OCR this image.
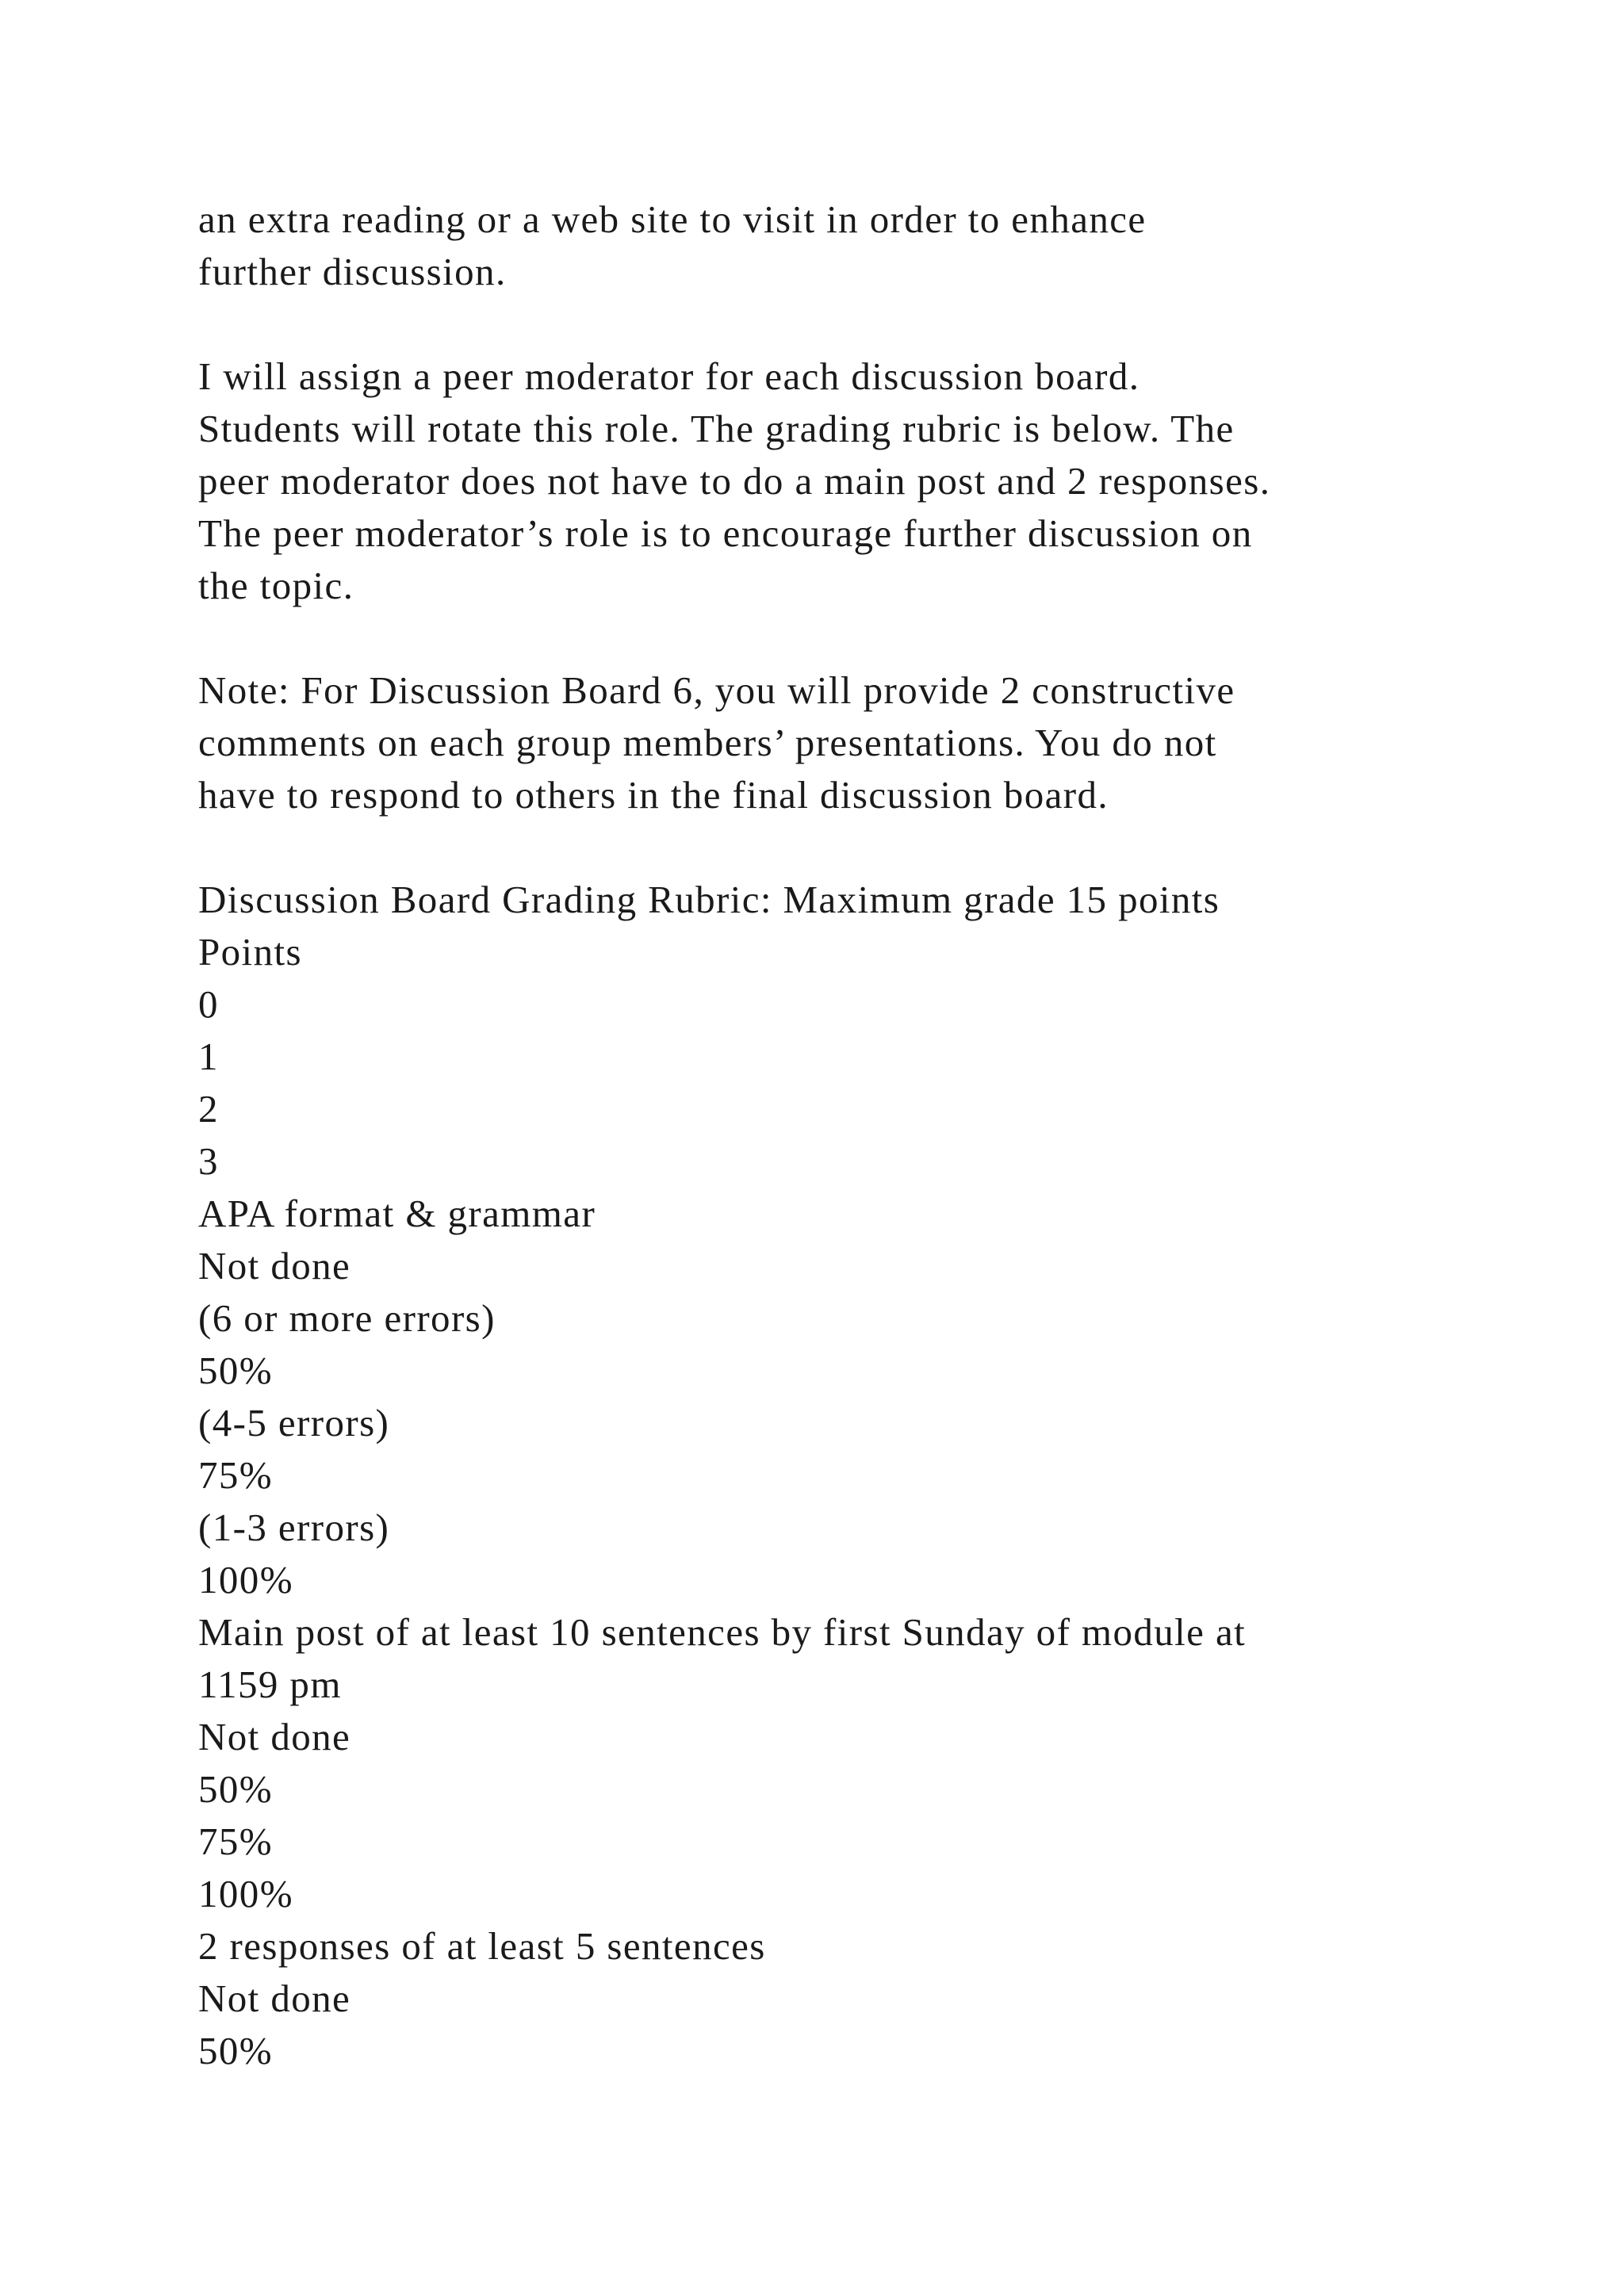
an extra reading or a web site to visit in order to enhance
further discussion.
I will assign a peer moderator for each discussion board.
Students will rotate this role. The grading rubric is below. The
peer moderator does not have to do a main post and 2 responses.
The peer moderator’s role is to encourage further discussion on
the topic.
Note: For Discussion Board 6, you will provide 2 constructive
comments on each group members’ presentations. You do not
have to respond to others in the final discussion board.
Discussion Board Grading Rubric: Maximum grade 15 points
Points
0
1
2
3
APA format & grammar
Not done
(6 or more errors)
50%
(4-5 errors)
75%
(1-3 errors)
100%
Main post of at least 10 sentences by first Sunday of module at
1159 pm
Not done
50%
75%
100%
2 responses of at least 5 sentences
Not done
50%
